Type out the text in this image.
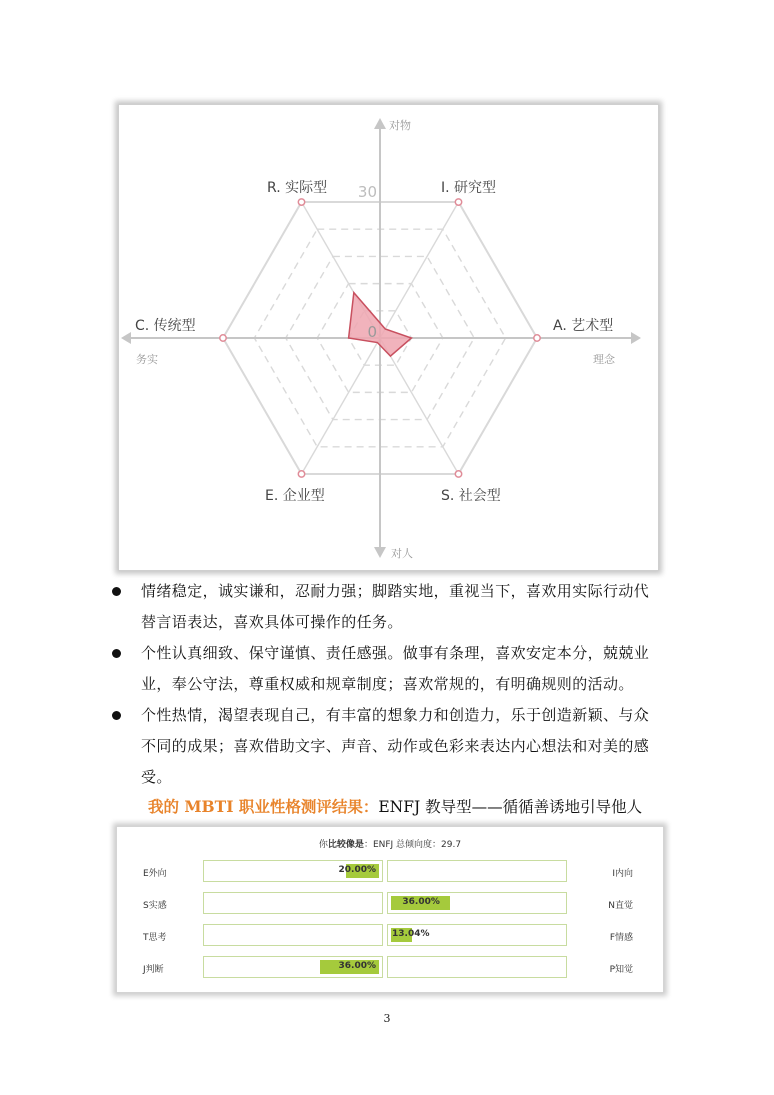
30
0
对物
对人
务实	理念
R. 实际型	I. 研究型
A. 艺术型
S. 社会型
E. 企业型
C. 传统型
情绪稳定，诚实谦和，忍耐力强；脚踏实地，重视当下，喜欢用实际行动代
替言语表达，喜欢具体可操作的任务。
个性认真细致、保守谨慎、责任感强。做事有条理，喜欢安定本分，兢兢业
业，奉公守法，尊重权威和规章制度；喜欢常规的，有明确规则的活动。
个性热情，渴望表现自己，有丰富的想象力和创造力，乐于创造新颖、与众
不同的成果；喜欢借助文字、声音、动作或色彩来表达内心想法和对美的感
受。
我的 MBTI 职业性格测评结果：ENFJ 教导型——循循善诱地引导他人
你比较像是：ENFJ 总倾向度：29.7
E外向	20.00%	I内向
S实感	36.00%	N直觉
T思考	13.04%	F情感
J判断	36.00%	P知觉
3
